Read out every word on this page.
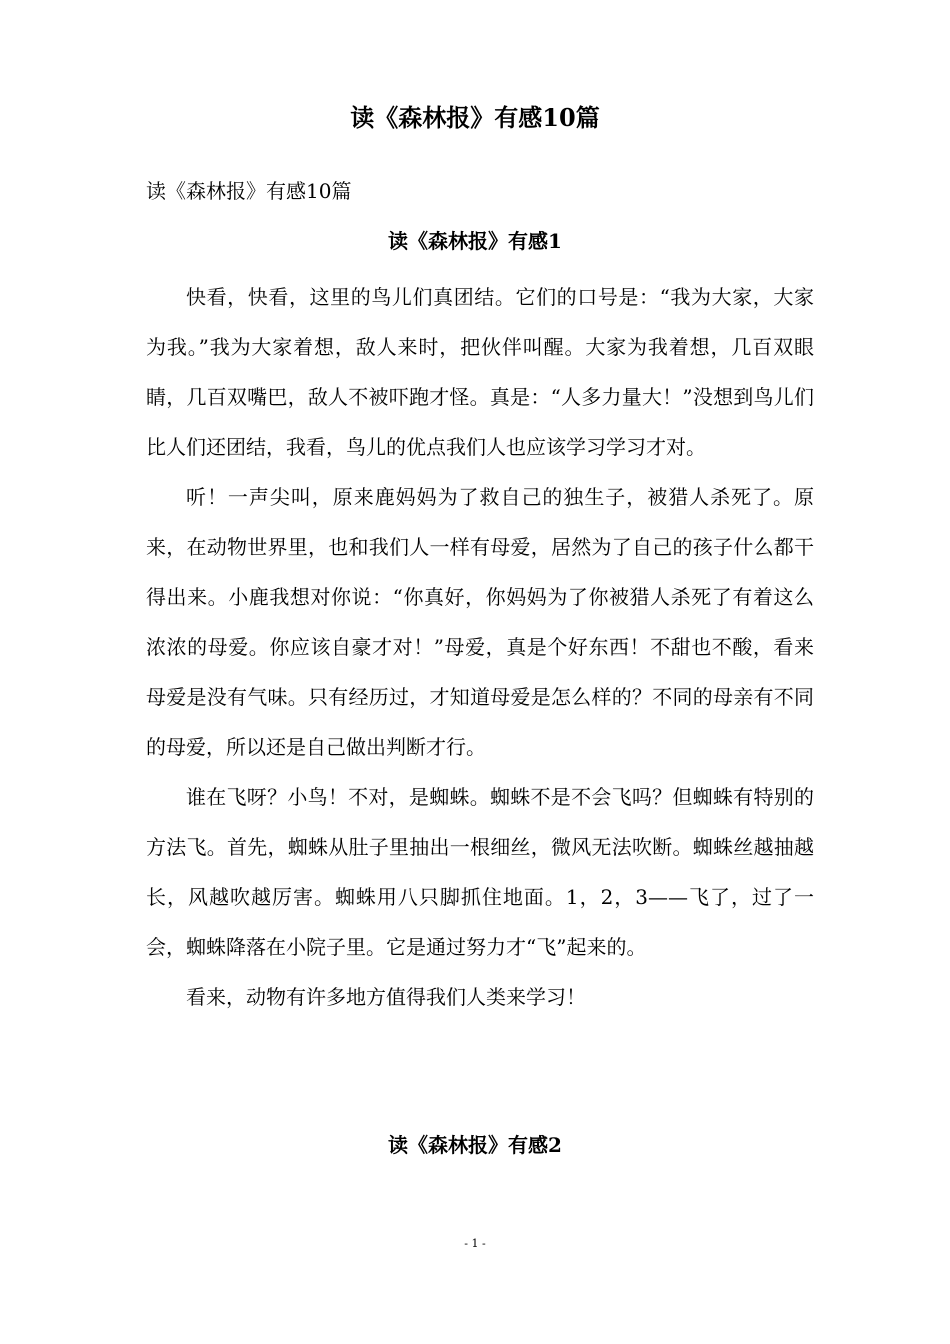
读《森林报》有感10篇

读《森林报》有感10篇

读《森林报》有感1

快看，快看，这里的鸟儿们真团结。它们的口号是：“我为大家，大家为我。”我为大家着想，敌人来时，把伙伴叫醒。大家为我着想，几百双眼睛，几百双嘴巴，敌人不被吓跑才怪。真是：“人多力量大！”没想到鸟儿们比人们还团结，我看，鸟儿的优点我们人也应该学习学习才对。

听！一声尖叫，原来鹿妈妈为了救自己的独生子，被猎人杀死了。原来，在动物世界里，也和我们人一样有母爱，居然为了自己的孩子什么都干得出来。小鹿我想对你说：“你真好，你妈妈为了你被猎人杀死了有着这么浓浓的母爱。你应该自豪才对！”母爱，真是个好东西！不甜也不酸，看来母爱是没有气味。只有经历过，才知道母爱是怎么样的？不同的母亲有不同的母爱，所以还是自己做出判断才行。

谁在飞呀？小鸟！不对，是蜘蛛。蜘蛛不是不会飞吗？但蜘蛛有特别的方法飞。首先，蜘蛛从肚子里抽出一根细丝，微风无法吹断。蜘蛛丝越抽越长，风越吹越厉害。蜘蛛用八只脚抓住地面。1，2，3——飞了，过了一会，蜘蛛降落在小院子里。它是通过努力才“飞”起来的。

看来，动物有许多地方值得我们人类来学习！

读《森林报》有感2
- 1 -
